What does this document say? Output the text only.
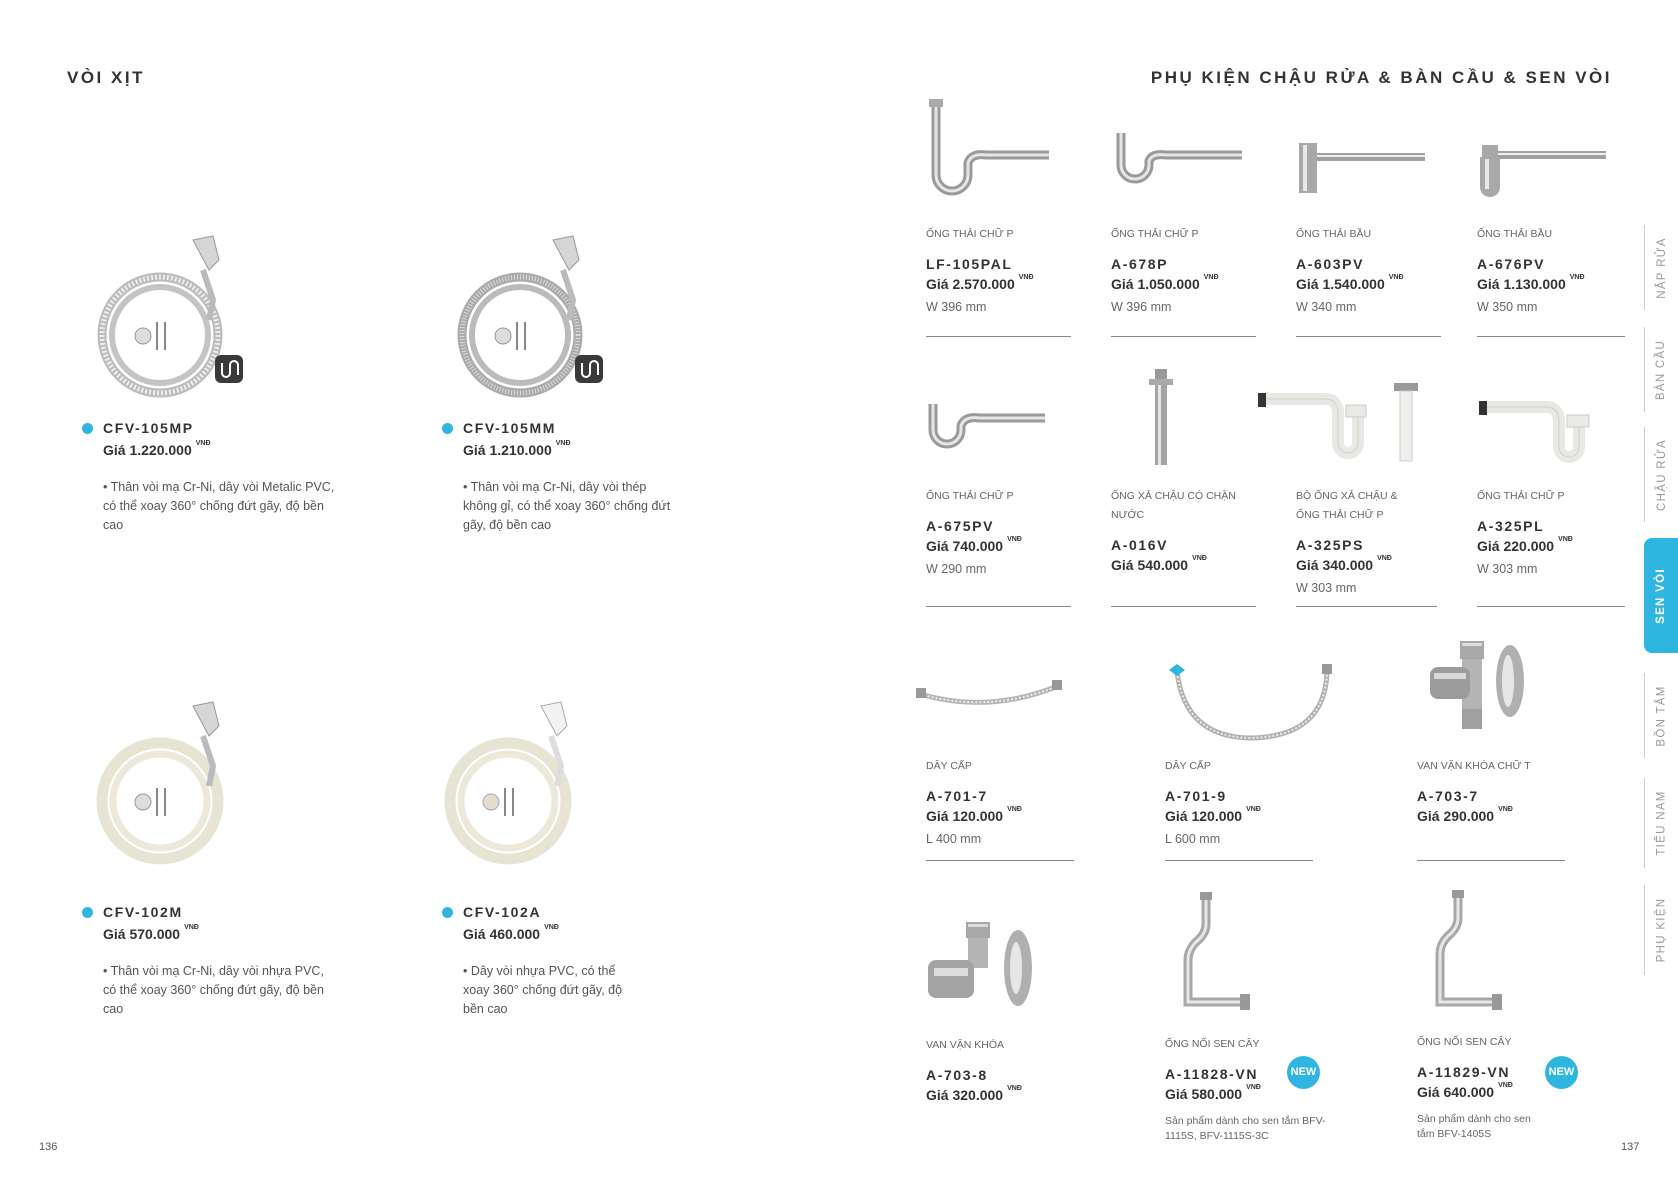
VÒI XỊT	PHỤ KIỆN CHẬU RỬA & BÀN CẦU & SEN VÒI
CFV-105MP
Giá 1.220.000 $^{VNĐ}$
• Thân vòi mạ Cr-Ni, dây vòi Metalic PVC, có thể xoay 360° chống đứt gãy, độ bền cao
CFV-105MM
Giá 1.210.000 $^{VNĐ}$
• Thân vòi mạ Cr-Ni, dây vòi thép không gỉ, có thể xoay 360° chống đứt gãy, độ bền cao
CFV-102M
Giá 570.000 $^{VNĐ}$
• Thân vòi mạ Cr-Ni, dây vòi nhựa PVC, có thể xoay 360° chống đứt gãy, độ bền cao
CFV-102A
Giá 460.000 $^{VNĐ}$
• Dây vòi nhựa PVC, có thể xoay 360° chống đứt gãy, độ bền cao
ỐNG THẢI CHỮ P
LF-105PAL
Giá 2.570.000 $^{VNĐ}$
W 396 mm
ỐNG THẢI CHỮ P
A-678P
Giá 1.050.000 $^{VNĐ}$
W 396 mm
ỐNG THẢI BẦU
A-603PV
Giá 1.540.000 $^{VNĐ}$
W 340 mm
ỐNG THẢI BẦU
A-676PV
Giá 1.130.000 $^{VNĐ}$
W 350 mm
ỐNG THẢI CHỮ P
A-675PV
Giá 740.000 $^{VNĐ}$
W 290 mm
ỐNG XẢ CHẬU CÓ CHẶN NƯỚC
A-016V
Giá 540.000 $^{VNĐ}$
BỘ ỐNG XẢ CHẬU & ỐNG THẢI CHỮ P
A-325PS
Giá 340.000 $^{VNĐ}$
W 303 mm
ỐNG THẢI CHỮ P
A-325PL
Giá 220.000 $^{VNĐ}$
W 303 mm
DÂY CẤP
A-701-7
Giá 120.000 $^{VNĐ}$
L 400 mm
DÂY CẤP
A-701-9
Giá 120.000 $^{VNĐ}$
L 600 mm
VAN VẶN KHÓA CHỮ T
A-703-7
Giá 290.000 $^{VNĐ}$
VAN VẶN KHÓA
A-703-8
Giá 320.000 $^{VNĐ}$
ỐNG NỐI SEN CÂY
A-11828-VN
Giá 580.000 $^{VNĐ}$
Sản phẩm dành cho sen tắm BFV-1115S, BFV-1115S-3C
NEW
ỐNG NỐI SEN CÂY
A-11829-VN
Giá 640.000 $^{VNĐ}$
Sản phẩm dành cho sen tắm BFV-1405S
NEW
NẮP RỬA
BÀN CẦU
CHẬU RỬA
SEN VÒI
BỒN TẮM
TIỂU NAM
PHỤ KIỆN
136	137
